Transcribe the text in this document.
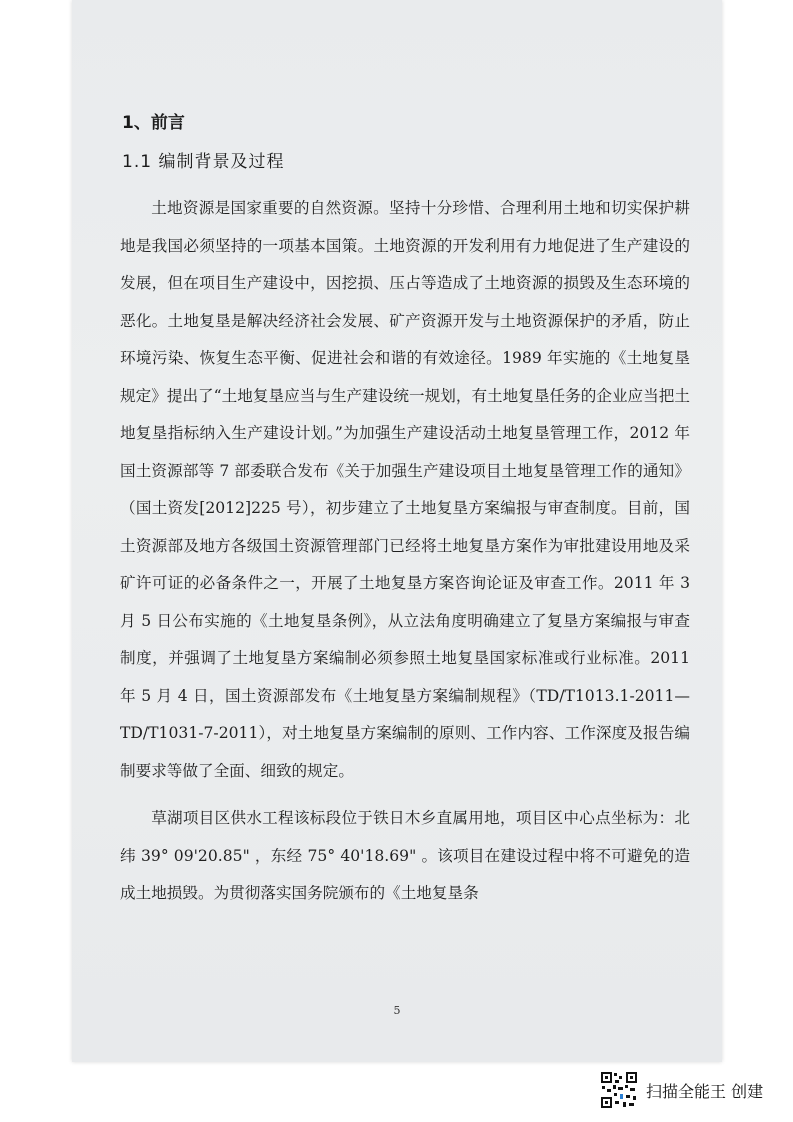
1、前言
1.1 编制背景及过程

土地资源是国家重要的自然资源。坚持十分珍惜、合理利用土地和切实保护耕地是我国必须坚持的一项基本国策。土地资源的开发利用有力地促进了生产建设的发展，但在项目生产建设中，因挖损、压占等造成了土地资源的损毁及生态环境的恶化。土地复垦是解决经济社会发展、矿产资源开发与土地资源保护的矛盾，防止环境污染、恢复生态平衡、促进社会和谐的有效途径。1989 年实施的《土地复垦规定》提出了“土地复垦应当与生产建设统一规划，有土地复垦任务的企业应当把土地复垦指标纳入生产建设计划。”为加强生产建设活动土地复垦管理工作，2012 年国土资源部等 7 部委联合发布《关于加强生产建设项目土地复垦管理工作的通知》（国土资发[2012]225 号），初步建立了土地复垦方案编报与审查制度。目前，国土资源部及地方各级国土资源管理部门已经将土地复垦方案作为审批建设用地及采矿许可证的必备条件之一，开展了土地复垦方案咨询论证及审查工作。2011 年 3 月 5 日公布实施的《土地复垦条例》，从立法角度明确建立了复垦方案编报与审查制度，并强调了土地复垦方案编制必须参照土地复垦国家标准或行业标准。2011 年 5 月 4 日，国土资源部发布《土地复垦方案编制规程》（TD/T1013.1-2011—TD/T1031-7-2011），对土地复垦方案编制的原则、工作内容、工作深度及报告编制要求等做了全面、细致的规定。

草湖项目区供水工程该标段位于铁日木乡直属用地，项目区中心点坐标为：北纬 39° 09'20.85" ，东经 75° 40'18.69" 。该项目在建设过程中将不可避免的造成土地损毁。为贯彻落实国务院颁布的《土地复垦条

5
扫描全能王 创建
